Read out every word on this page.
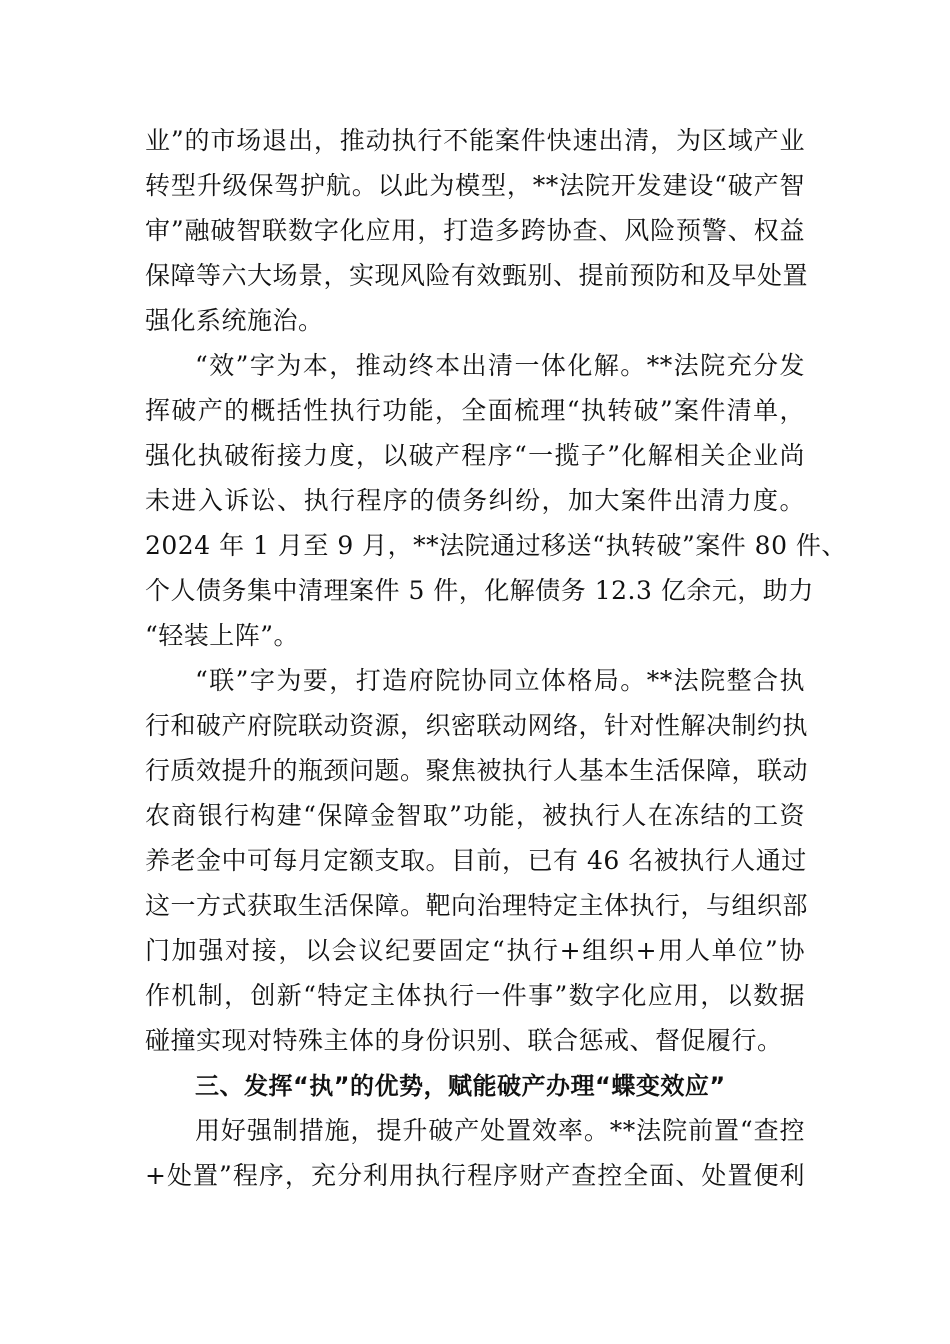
业”的市场退出，推动执行不能案件快速出清，为区域产业
转型升级保驾护航。以此为模型，**法院开发建设“破产智
审”融破智联数字化应用，打造多跨协查、风险预警、权益
保障等六大场景，实现风险有效甄别、提前预防和及早处置
强化系统施治。
“效”字为本，推动终本出清一体化解。**法院充分发
挥破产的概括性执行功能，全面梳理“执转破”案件清单，
强化执破衔接力度，以破产程序“一揽子”化解相关企业尚
未进入诉讼、执行程序的债务纠纷，加大案件出清力度。
2024 年 1 月至 9 月，**法院通过移送“执转破”案件 80 件、
个人债务集中清理案件 5 件，化解债务 12.3 亿余元，助力
“轻装上阵”。
“联”字为要，打造府院协同立体格局。**法院整合执
行和破产府院联动资源，织密联动网络，针对性解决制约执
行质效提升的瓶颈问题。聚焦被执行人基本生活保障，联动
农商银行构建“保障金智取”功能，被执行人在冻结的工资
养老金中可每月定额支取。目前，已有 46 名被执行人通过
这一方式获取生活保障。靶向治理特定主体执行，与组织部
门加强对接，以会议纪要固定“执行+组织+用人单位”协
作机制，创新“特定主体执行一件事”数字化应用，以数据
碰撞实现对特殊主体的身份识别、联合惩戒、督促履行。
三、发挥“执”的优势，赋能破产办理“蝶变效应”
用好强制措施，提升破产处置效率。**法院前置“查控
+处置”程序，充分利用执行程序财产查控全面、处置便利
